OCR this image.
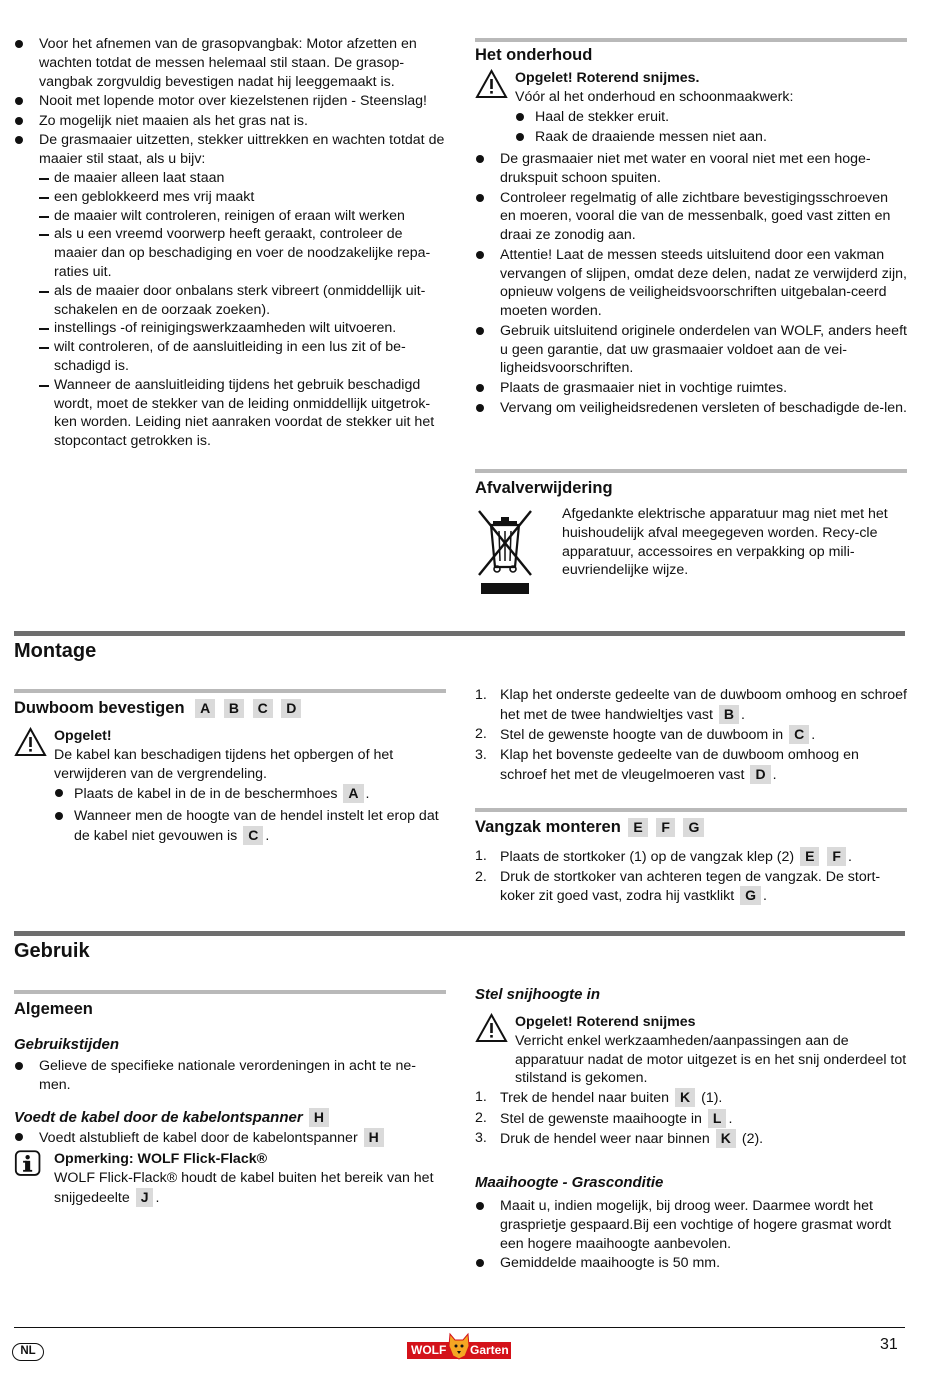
Voor het afnemen van de grasopvangbak: Motor afzetten en wachten totdat de messen helemaal stil staan. De grasop-vangbak zorgvuldig bevestigen nadat hij leeggemaakt is.
Nooit met lopende motor over kiezelstenen rijden - Steenslag!
Zo mogelijk niet maaien als het gras nat is.
De grasmaaier uitzetten, stekker uittrekken en wachten totdat de maaier stil staat, als u bijv:
de maaier alleen laat staan
een geblokkeerd mes vrij maakt
de maaier wilt controleren, reinigen of eraan wilt werken
als u een vreemd voorwerp heeft geraakt, controleer de maaier dan op beschadiging en voer de noodzakelijke repa-raties uit.
als de maaier door onbalans sterk vibreert (onmiddellijk uit-schakelen en de oorzaak zoeken).
instellings -of reinigingswerkzaamheden wilt uitvoeren.
wilt controleren, of de aansluitleiding in een lus zit of be-schadigd is.
Wanneer de aansluitleiding tijdens het gebruik beschadigd wordt, moet de stekker van de leiding onmiddellijk uitgetrok-ken worden. Leiding niet aanraken voordat de stekker uit het stopcontact getrokken is.
Het onderhoud
Opgelet! Roterend snijmes.
Vóór al het onderhoud en schoonmaakwerk:
Haal de stekker eruit.
Raak de draaiende messen niet aan.
De grasmaaier niet met water en vooral niet met een hoge-drukspuit schoon spuiten.
Controleer regelmatig of alle zichtbare bevestigingsschroeven en moeren, vooral die van de messenbalk, goed vast zitten en draai ze zonodig aan.
Attentie! Laat de messen steeds uitsluitend door een vakman vervangen of slijpen, omdat deze delen, nadat ze verwijderd zijn, opnieuw volgens de veiligheidsvoorschriften uitgebalan-ceerd moeten worden.
Gebruik uitsluitend originele onderdelen van WOLF, anders heeft u geen garantie, dat uw grasmaaier voldoet aan de vei-ligheidsvoorschriften.
Plaats de grasmaaier niet in vochtige ruimtes.
Vervang om veiligheidsredenen versleten of beschadigde de-len.
Afvalverwijdering
Afgedankte elektrische apparatuur mag niet met het huishoudelijk afval meegegeven worden. Recy-cle apparatuur, accessoires en verpakking op mili-euvriendelijke wijze.
Montage
Duwboom bevestigen A B C D
Opgelet!
De kabel kan beschadigen tijdens het opbergen of het verwijderen van de vergrendeling.
Plaats de kabel in de in de beschermhoes A .
Wanneer men de hoogte van de hendel instelt let erop dat de kabel niet gevouwen is C .
1. Klap het onderste gedeelte van de duwboom omhoog en schroef het met de twee handwieltjes vast B .
2. Stel de gewenste hoogte van de duwboom in C .
3. Klap het bovenste gedeelte van de duwboom omhoog en schroef het met de vleugelmoeren vast D .
Vangzak monteren E F G
1. Plaats de stortkoker (1) op de vangzak klep (2) E F .
2. Druk de stortkoker van achteren tegen de vangzak. De stort-koker zit goed vast, zodra hij vastklikt G .
Gebruik
Algemeen
Gebruikstijden
Gelieve de specifieke nationale verordeningen in acht te ne-men.
Voedt de kabel door de kabelontspanner H
Voedt alstublieft de kabel door de kabelontspanner H
Opmerking: WOLF Flick-Flack®
WOLF Flick-Flack® houdt de kabel buiten het bereik van het snijgedeelte J .
Stel snijhoogte in
Opgelet! Roterend snijmes
Verricht enkel werkzaamheden/aanpassingen aan de apparatuur nadat de motor uitgezet is en het snij onderdeel tot stilstand is gekomen.
1. Trek de hendel naar buiten K (1).
2. Stel de gewenste maaihoogte in L .
3. Druk de hendel weer naar binnen K (2).
Maaihoogte - Grasconditie
Maait u, indien mogelijk, bij droog weer. Daarmee wordt het grasprietje gespaard.Bij een vochtige of hogere grasmat wordt een hogere maaihoogte aanbevolen.
Gemiddelde maaihoogte is 50 mm.
NL	WOLF Garten	31
